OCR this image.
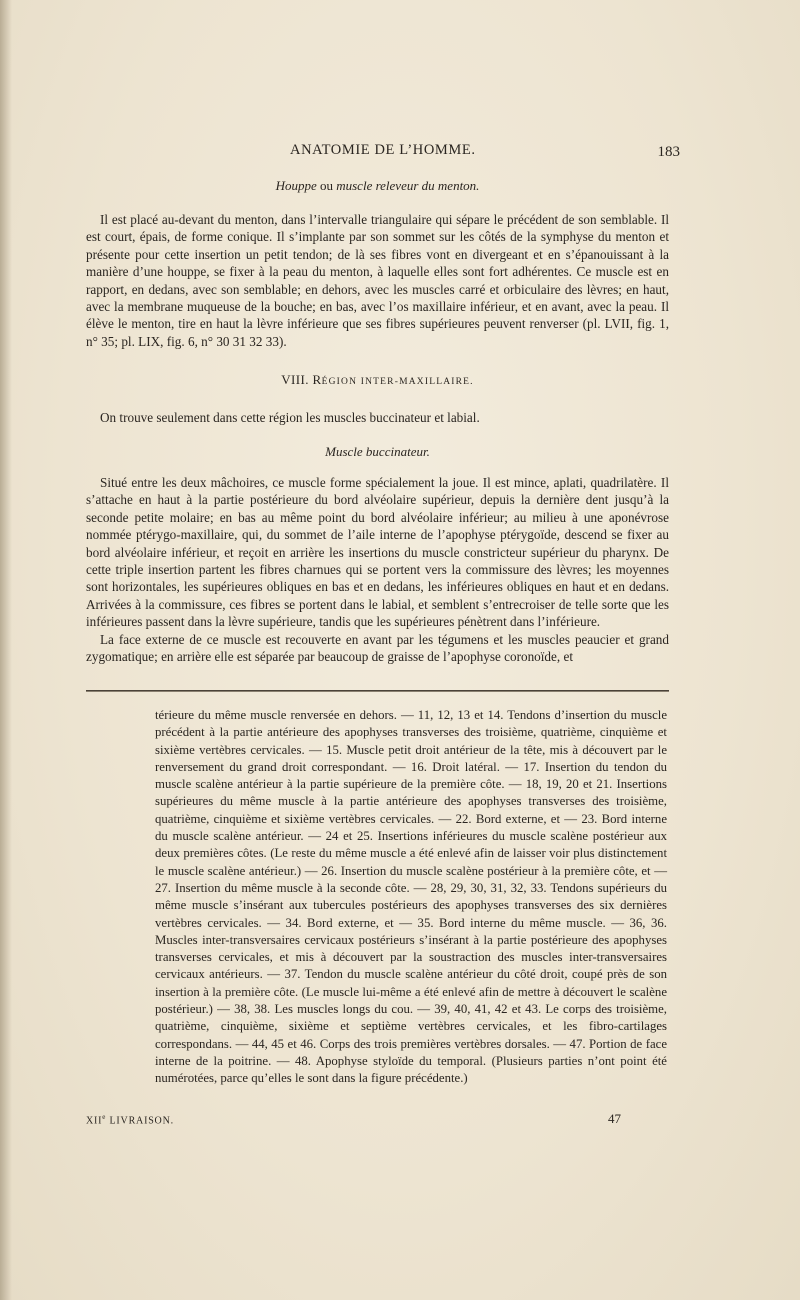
ANATOMIE DE L’HOMME.	183
Houppe ou muscle releveur du menton.

Il est placé au-devant du menton, dans l’intervalle triangulaire qui sépare le précédent de son semblable. Il est court, épais, de forme conique. Il s’implante par son sommet sur les côtés de la symphyse du menton et présente pour cette insertion un petit tendon; de là ses fibres vont en divergeant et en s’épanouissant à la manière d’une houppe, se fixer à la peau du menton, à laquelle elles sont fort adhérentes. Ce muscle est en rapport, en dedans, avec son semblable; en dehors, avec les muscles carré et orbiculaire des lèvres; en haut, avec la membrane muqueuse de la bouche; en bas, avec l’os maxillaire inférieur, et en avant, avec la peau. Il élève le menton, tire en haut la lèvre inférieure que ses fibres supérieures peuvent renverser (pl. LVII, fig. 1, n° 35; pl. LIX, fig. 6, n° 30 31 32 33).

VIII. RÉGION INTER-MAXILLAIRE.

On trouve seulement dans cette région les muscles buccinateur et labial.

Muscle buccinateur.

Situé entre les deux mâchoires, ce muscle forme spécialement la joue. Il est mince, aplati, quadrilatère. Il s’attache en haut à la partie postérieure du bord alvéolaire supérieur, depuis la dernière dent jusqu’à la seconde petite molaire; en bas au même point du bord alvéolaire inférieur; au milieu à une aponévrose nommée ptérygo-maxillaire, qui, du sommet de l’aile interne de l’apophyse ptérygoïde, descend se fixer au bord alvéolaire inférieur, et reçoit en arrière les insertions du muscle constricteur supérieur du pharynx. De cette triple insertion partent les fibres charnues qui se portent vers la commissure des lèvres; les moyennes sont horizontales, les supérieures obliques en bas et en dedans, les inférieures obliques en haut et en dedans. Arrivées à la commissure, ces fibres se portent dans le labial, et semblent s’entrecroiser de telle sorte que les inférieures passent dans la lèvre supérieure, tandis que les supérieures pénètrent dans l’inférieure.

La face externe de ce muscle est recouverte en avant par les tégumens et les muscles peaucier et grand zygomatique; en arrière elle est séparée par beaucoup de graisse de l’apophyse coronoïde, et

térieure du même muscle renversée en dehors. — 11, 12, 13 et 14. Tendons d’insertion du muscle précédent à la partie antérieure des apophyses transverses des troisième, quatrième, cinquième et sixième vertèbres cervicales. — 15. Muscle petit droit antérieur de la tête, mis à découvert par le renversement du grand droit correspondant. — 16. Droit latéral. — 17. Insertion du tendon du muscle scalène antérieur à la partie supérieure de la première côte. — 18, 19, 20 et 21. Insertions supérieures du même muscle à la partie antérieure des apophyses transverses des troisième, quatrième, cinquième et sixième vertèbres cervicales. — 22. Bord externe, et — 23. Bord interne du muscle scalène antérieur. — 24 et 25. Insertions inférieures du muscle scalène postérieur aux deux premières côtes. (Le reste du même muscle a été enlevé afin de laisser voir plus distinctement le muscle scalène antérieur.) — 26. Insertion du muscle scalène postérieur à la première côte, et — 27. Insertion du même muscle à la seconde côte. — 28, 29, 30, 31, 32, 33. Tendons supérieurs du même muscle s’insérant aux tubercules postérieurs des apophyses transverses des six dernières vertèbres cervicales. — 34. Bord externe, et — 35. Bord interne du même muscle. — 36, 36. Muscles inter-transversaires cervicaux postérieurs s’insérant à la partie postérieure des apophyses transverses cervicales, et mis à découvert par la soustraction des muscles inter-transversaires cervicaux antérieurs. — 37. Tendon du muscle scalène antérieur du côté droit, coupé près de son insertion à la première côte. (Le muscle lui-même a été enlevé afin de mettre à découvert le scalène postérieur.) — 38, 38. Les muscles longs du cou. — 39, 40, 41, 42 et 43. Le corps des troisième, quatrième, cinquième, sixième et septième vertèbres cervicales, et les fibro-cartilages correspondans. — 44, 45 et 46. Corps des trois premières vertèbres dorsales. — 47. Portion de face interne de la poitrine. — 48. Apophyse styloïde du temporal. (Plusieurs parties n’ont point été numérotées, parce qu’elles le sont dans la figure précédente.)
XIIe LIVRAISON.	47
